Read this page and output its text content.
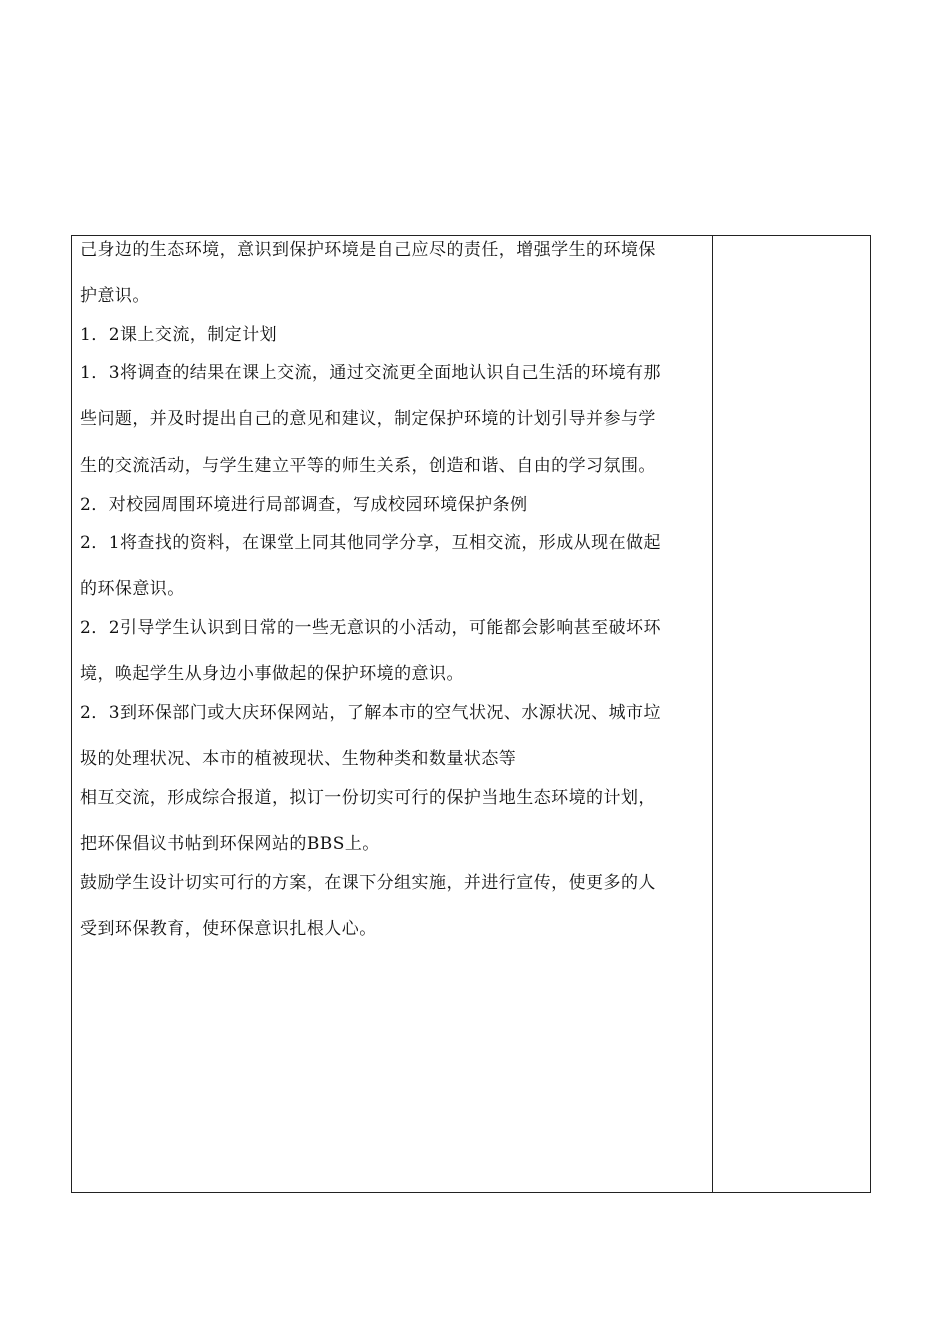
己身边的生态环境，意识到保护环境是自己应尽的责任，增强学生的环境保
护意识。
1．2课上交流，制定计划
1．3将调查的结果在课上交流，通过交流更全面地认识自己生活的环境有那
些问题，并及时提出自己的意见和建议，制定保护环境的计划引导并参与学
生的交流活动，与学生建立平等的师生关系，创造和谐、自由的学习氛围。
2．对校园周围环境进行局部调查，写成校园环境保护条例
2．1将查找的资料，在课堂上同其他同学分享，互相交流，形成从现在做起
的环保意识。
2．2引导学生认识到日常的一些无意识的小活动，可能都会影响甚至破坏环
境，唤起学生从身边小事做起的保护环境的意识。
2．3到环保部门或大庆环保网站，了解本市的空气状况、水源状况、城市垃
圾的处理状况、本市的植被现状、生物种类和数量状态等
相互交流，形成综合报道，拟订一份切实可行的保护当地生态环境的计划，
把环保倡议书帖到环保网站的BBS上。
鼓励学生设计切实可行的方案，在课下分组实施，并进行宣传，使更多的人
受到环保教育，使环保意识扎根人心。
